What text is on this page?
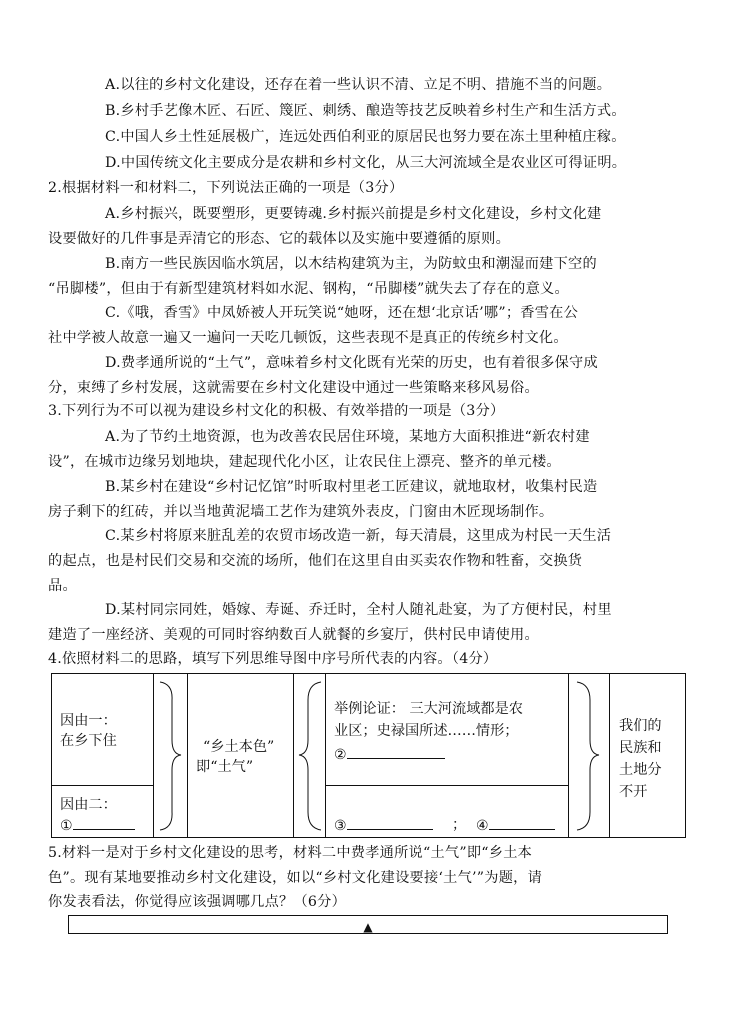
A.以往的乡村文化建设，还存在着一些认识不清、立足不明、措施不当的问题。
B.乡村手艺像木匠、石匠、篾匠、刺绣、酿造等技艺反映着乡村生产和生活方式。
C.中国人乡土性延展极广，连远处西伯利亚的原居民也努力要在冻土里种植庄稼。
D.中国传统文化主要成分是农耕和乡村文化，从三大河流域全是农业区可得证明。
2.根据材料一和材料二，下列说法正确的一项是（3分）
A.乡村振兴，既要塑形，更要铸魂.乡村振兴前提是乡村文化建设，乡村文化建
设要做好的几件事是弄清它的形态、它的载体以及实施中要遵循的原则。
B.南方一些民族因临水筑居，以木结构建筑为主，为防蚊虫和潮湿而建下空的
“吊脚楼”，但由于有新型建筑材料如水泥、钢构，“吊脚楼”就失去了存在的意义。
C.《哦，香雪》中凤娇被人开玩笑说“她呀，还在想‘北京话’哪”；香雪在公
社中学被人故意一遍又一遍问一天吃几顿饭，这些表现不是真正的传统乡村文化。
D.费孝通所说的“土气”，意味着乡村文化既有光荣的历史，也有着很多保守成
分，束缚了乡村发展，这就需要在乡村文化建设中通过一些策略来移风易俗。
3.下列行为不可以视为建设乡村文化的积极、有效举措的一项是（3分）
A.为了节约土地资源，也为改善农民居住环境，某地方大面积推进“新农村建
设”，在城市边缘另划地块，建起现代化小区，让农民住上漂亮、整齐的单元楼。
B.某乡村在建设“乡村记忆馆”时听取村里老工匠建议，就地取材，收集村民造
房子剩下的红砖，并以当地黄泥墙工艺作为建筑外表皮，门窗由木匠现场制作。
C.某乡村将原来脏乱差的农贸市场改造一新，每天清晨，这里成为村民一天生活
的起点，也是村民们交易和交流的场所，他们在这里自由买卖农作物和牲畜，交换货
品。
D.某村同宗同姓，婚嫁、寿诞、乔迁时，全村人随礼赴宴，为了方便村民，村里
建造了一座经济、美观的可同时容纳数百人就餐的乡宴厅，供村民申请使用。
4.依照材料二的思路，填写下列思维导图中序号所代表的内容。（4分）
因由一：
在乡下住
因由二：
①
“乡土本色”
即“土气”
举例论证： 三大河流域都是农
业区；史禄国所述……情形；
②
③	； ④
我们的
民族和
土地分
不开
5.材料一是对于乡村文化建设的思考，材料二中费孝通所说“土气”即“乡土本
色”。现有某地要推动乡村文化建设，如以“乡村文化建设要接‘土气’”为题，请
你发表看法，你觉得应该强调哪几点？（6分）
▲
